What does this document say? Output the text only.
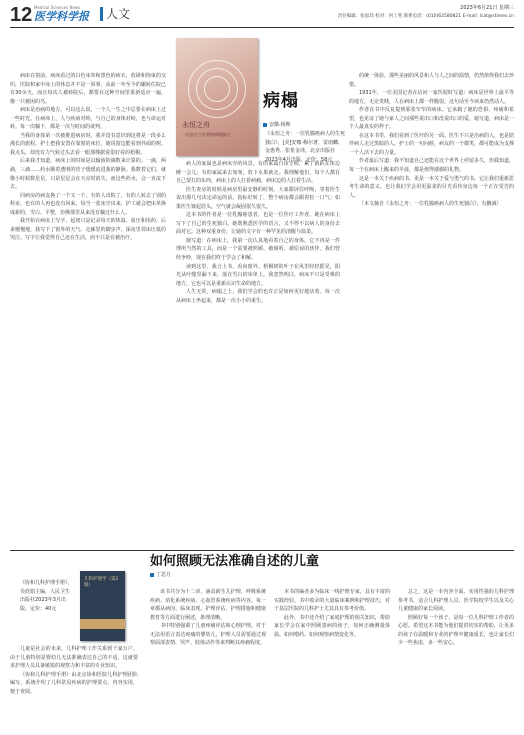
12 Medical Sciences News
医学科学报 人文	2023年6月21日 星期三
责任编辑：张思玮 校对：何工秀 联系电话：(010)62580821 E-mail: lcat@stimes.cn

病床在窗前，病床看过的白色床单和黑色的病衣，放肆和拘束的交织，医院和家中床上的休息并不是一回事，从前一年至今的辗转住院已有30余天，而且每次人被转院后，都要在这种空间里重新适应一遍，像一只被困的鸟。

病床是治病的地方。可以这么说，一个人一生之中总要在病床上过一些时光。在病床上，人与疾病对峙，与自己的身体对峙，也与命运对峙。每一次躺下，都是一次与时间的谈判。

当我的身体第一次被推进病房时，我并没有意识到这将是一段多么漫长的旅程。护士把我安置在靠窗的床位，她说窗边能看到外面的树。我点头，却没有力气转过头去看一眼那棵据说很好看的梧桐。

后来我才知道，病床上的时间是以输液的滴数来计算的。一滴，两滴，三滴……药水顺着透明的管子缓缓流进我的静脉。我数着它们，就像小时候数星星，只是星星会在天亮时消失，而这些药水，会一直流下去。

同病房的病友换了一个又一个。有的人出院了，有的人转去了别的科室，也有的人再也没有回来。每当一张床空出来，护工就会把床单换成新的，雪白、平整，仿佛那里从来没有躺过什么人。

我开始在病床上写字。起初只是记录每天的体温、血压和用药，后来慢慢地，我写下了窗外的天气、走廊里的脚步声、深夜里邻床压低的哭泣。写字让我觉得自己还在生活，而不只是在被治疗。

病人的家属也是病床旁的风景。有的家属日夜守候，累了就趴在床边睡一会儿；有的家属来去匆匆，放下水果就走。我理解他们，每个人都有自己要扛的东西，病床上的人扛着病痛，病床边的人扛着生活。

医生查房的时候是病房里最安静的时刻。大家都屏住呼吸，等着医生说出那几句决定命运的话。指标好转了，整个病房都会跟着松一口气；如果医生皱起眉头，空气就会凝固很久很久。

这本书的作者是一位乳腺癌患者，也是一位医疗工作者。她在病床上写下了自己的生死独白。她既熟悉医学的语言，又不得不以病人的身份去面对它。这种双重身份，让她的文字有一种罕见的清醒与温柔。

她写道：在病床上，我第一次认真地看着自己的身体。它不再是一件理所当然的工具，而是一个需要被照顾、被倾听、被原谅的伙伴。我们曾经争吵，现在我们终于学会了和解。

读到这里，我合上书，看向窗外。梧桐树的叶子在风里轻轻摇晃，阳光从叶缝里漏下来，落在雪白的床单上。我忽然明白，病床不只是受难的地方，它也可以是重新认识生命的地方。

人生无常，病榻之上，我们学会的也许正是如何更好地活着。每一次从病床上坐起来，都是一次小小的重生。

的统一体验。那些美丽的风景和人与人之间的温情，仍然值得我们去珍惜。

1931年，一位美国记者在访问一家医院时写道：病床是世界上最平等的地方，无论贵贱，人在病床上都一样脆弱。这句话至今读来仍然动人。

作者在书中反复提到那张窄窄的病床。它承载了她的恐惧、疼痛和希望，也见证了她与家人之间那些说出口和没说出口的爱。她写道，病床是一个人最真实的样子。

在这本书里，我们看到了医疗的另一面。医生不只是治病的人，也是陪伴病人走过黑暗的人。护士的一句问候，病友的一个微笑，都可能成为支撑一个人活下去的力量。

作者最后写道：我不知道自己还能在这个世界上停留多久，但我知道，每一个在病床上醒来的早晨，都是值得感谢的礼物。

这是一本关于疾病的书，更是一本关于爱与勇气的书。它让我们重新思考生命的意义，也让我们学会用更温柔的目光看待身边每一个正在受苦的人。

（本文摘自《永恒之舟：一位乳腺癌病人的生死独白》，有删减）

永恒之舟
一位医疗工作者的病榻独白
病榻
安徽·杨斯
《永恒之舟：一位乳腺癌病人的生死独白》，[美]安娜·梅尔著，雷雨麟、金惠秀、张希金译，北京出版社2023年4月出版，定价：58元
如何照顾无法准确自述的儿童
丁思月
儿科护理学（第2版）
《协和儿科护理手册》，吴欣娟主编，人民卫生出版社2023年3月出版，定价：40元

儿童是社会的未来，儿科护理工作关系到千家万户。由于儿童特别是婴幼儿无法准确表达自己的不适，这就要求护理人员具备敏锐的观察力和丰富的专业知识。

《协和儿科护理手册》由北京协和医院儿科护理团队编写，系统介绍了儿科常见疾病的护理要点，内容实用，便于查阅。

该书共分为十二章，涵盖新生儿护理、呼吸系统疾病、消化系统疾病、心血管系统疾病等内容。每一章都从病因、临床表现、护理评估、护理措施和健康教育等方面进行阐述，条理清晰。

书中特别强调了儿童疼痛评估和心理护理。对于无法用语言表达疼痛的婴幼儿，护理人员需要通过观察面部表情、哭声、肢体动作等来判断其疼痛程度。

本书的编者多为临床一线护理专家，具有丰富的实践经验。书中收录的大量临床案例和护理技巧，对于基层医院的儿科护士尤其具有参考价值。

此外，书中还介绍了家庭护理的相关知识，帮助家长学会在家中照顾患病的孩子，如何正确测量体温、如何喂药、如何观察病情变化等。

总之，这是一本内容全面、实用性强的儿科护理参考书，适合儿科护理人员、医学院校学生以及关心儿童健康的家长阅读。

照顾好每一个孩子，是每一位儿科护理工作者的心愿。希望这本书能为他们提供切实的帮助，让更多的孩子在温暖和专业的护理中健康成长，也让家长们少一些焦虑，多一些安心。
